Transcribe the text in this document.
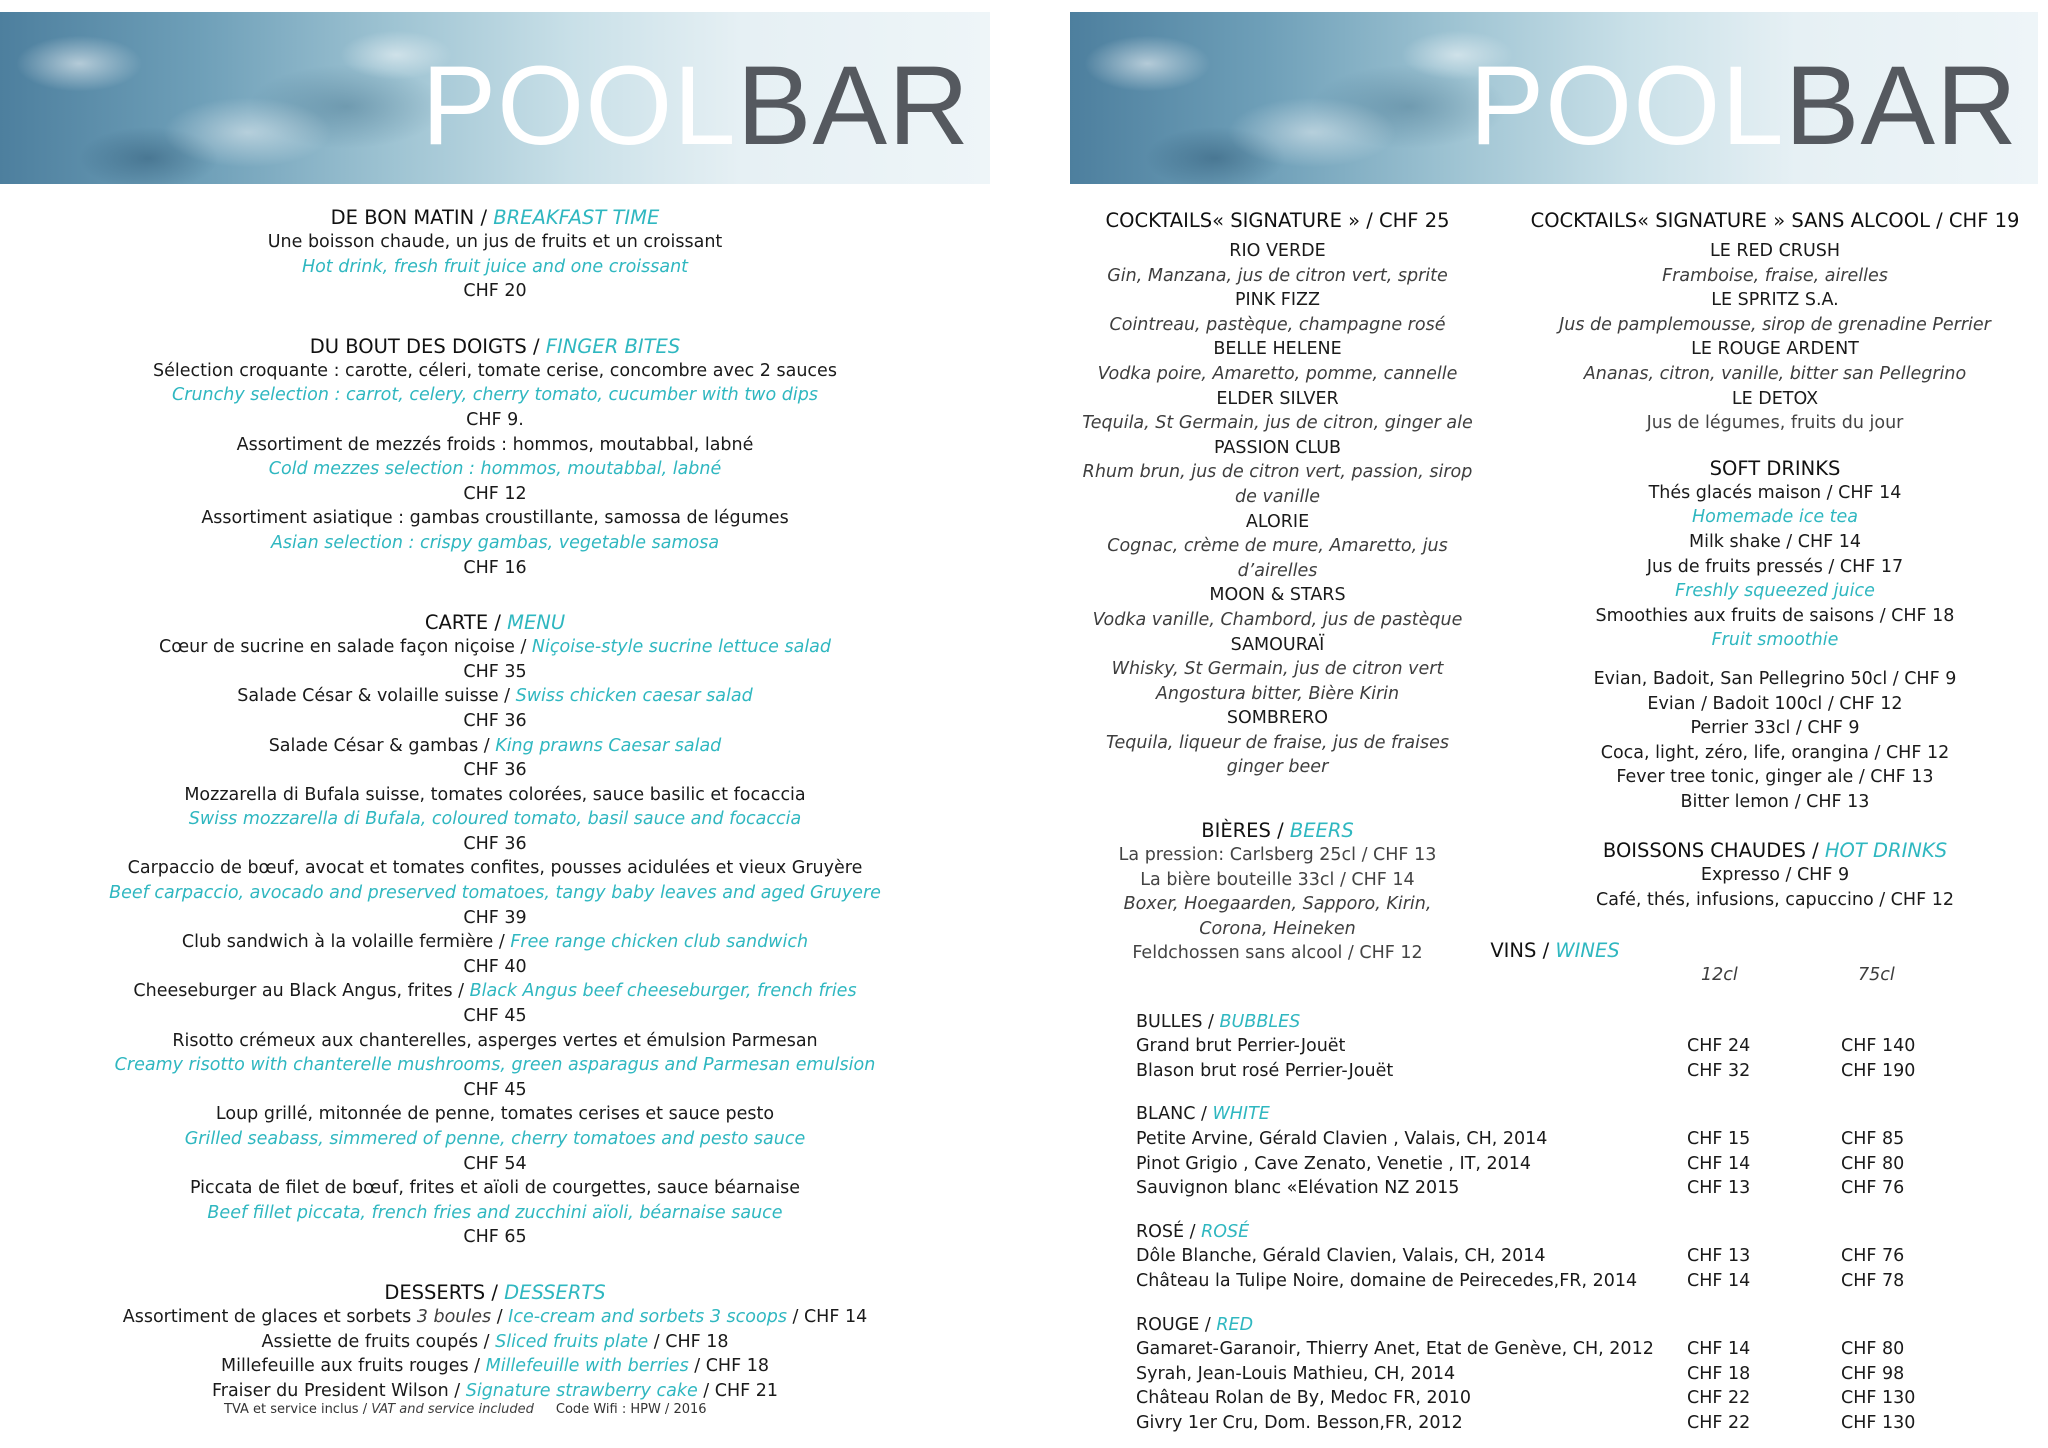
POOLBAR
DE BON MATIN / BREAKFAST TIME
Une boisson chaude, un jus de fruits et un croissant
Hot drink, fresh fruit juice and one croissant
CHF 20
DU BOUT DES DOIGTS / FINGER BITES
Sélection croquante : carotte, céleri, tomate cerise, concombre avec 2 sauces
Crunchy selection : carrot, celery, cherry tomato, cucumber with two dips
CHF 9.
Assortiment de mezzés froids : hommos, moutabbal, labné
Cold mezzes selection : hommos, moutabbal, labné
CHF 12
Assortiment asiatique : gambas croustillante, samossa de légumes
Asian selection : crispy gambas, vegetable samosa
CHF 16
CARTE / MENU
Cœur de sucrine en salade façon niçoise / Niçoise-style sucrine lettuce salad
CHF 35
Salade César & volaille suisse / Swiss chicken caesar salad
CHF 36
Salade César & gambas / King prawns Caesar salad
CHF 36
Mozzarella di Bufala suisse, tomates colorées, sauce basilic et focaccia
Swiss mozzarella di Bufala, coloured tomato, basil sauce and focaccia
CHF 36
Carpaccio de bœuf, avocat et tomates confites, pousses acidulées et vieux Gruyère
Beef carpaccio, avocado and preserved tomatoes, tangy baby leaves and aged Gruyere
CHF 39
Club sandwich à la volaille fermière / Free range chicken club sandwich
CHF 40
Cheeseburger au Black Angus, frites / Black Angus beef cheeseburger, french fries
CHF 45
Risotto crémeux aux chanterelles, asperges vertes et émulsion Parmesan
Creamy risotto with chanterelle mushrooms, green asparagus and Parmesan emulsion
CHF 45
Loup grillé, mitonnée de penne, tomates cerises et sauce pesto
Grilled seabass, simmered of penne, cherry tomatoes and pesto sauce
CHF 54
Piccata de filet de bœuf, frites et aïoli de courgettes, sauce béarnaise
Beef fillet piccata, french fries and zucchini aïoli, béarnaise sauce
CHF 65
DESSERTS / DESSERTS
Assortiment de glaces et sorbets 3 boules / Ice-cream and sorbets 3 scoops / CHF 14
Assiette de fruits coupés / Sliced fruits plate / CHF 18
Millefeuille aux fruits rouges / Millefeuille with berries / CHF 18
Fraiser du President Wilson / Signature strawberry cake / CHF 21
TVA et service inclus / VAT and service included Code Wifi : HPW / 2016
POOLBAR
COCKTAILS« SIGNATURE » / CHF 25
RIO VERDE
Gin, Manzana, jus de citron vert, sprite
PINK FIZZ
Cointreau, pastèque, champagne rosé
BELLE HELENE
Vodka poire, Amaretto, pomme, cannelle
ELDER SILVER
Tequila, St Germain, jus de citron, ginger ale
PASSION CLUB
Rhum brun, jus de citron vert, passion, sirop de vanille
ALORIE
Cognac, crème de mure, Amaretto, jus d’airelles
MOON & STARS
Vodka vanille, Chambord, jus de pastèque
SAMOURAÏ
Whisky, St Germain, jus de citron vert
Angostura bitter, Bière Kirin
SOMBRERO
Tequila, liqueur de fraise, jus de fraises
ginger beer
BIÈRES / BEERS
La pression: Carlsberg 25cl / CHF 13
La bière bouteille 33cl / CHF 14
Boxer, Hoegaarden, Sapporo, Kirin,
Corona, Heineken
Feldchossen sans alcool / CHF 12
COCKTAILS« SIGNATURE » SANS ALCOOL / CHF 19
LE RED CRUSH
Framboise, fraise, airelles
LE SPRITZ S.A.
Jus de pamplemousse, sirop de grenadine Perrier
LE ROUGE ARDENT
Ananas, citron, vanille, bitter san Pellegrino
LE DETOX
Jus de légumes, fruits du jour
SOFT DRINKS
Thés glacés maison / CHF 14
Homemade ice tea
Milk shake / CHF 14
Jus de fruits pressés / CHF 17
Freshly squeezed juice
Smoothies aux fruits de saisons / CHF 18
Fruit smoothie
Evian, Badoit, San Pellegrino 50cl / CHF 9
Evian / Badoit 100cl / CHF 12
Perrier 33cl / CHF 9
Coca, light, zéro, life, orangina / CHF 12
Fever tree tonic, ginger ale / CHF 13
Bitter lemon / CHF 13
BOISSONS CHAUDES / HOT DRINKS
Expresso / CHF 9
Café, thés, infusions, capuccino / CHF 12
VINS / WINES
12cl	75cl
BULLES / BUBBLES
Grand brut Perrier-Jouët	CHF 24	CHF 140
Blason brut rosé Perrier-Jouët	CHF 32	CHF 190
BLANC / WHITE
Petite Arvine, Gérald Clavien , Valais, CH, 2014	CHF 15	CHF 85
Pinot Grigio , Cave Zenato, Venetie , IT, 2014	CHF 14	CHF 80
Sauvignon blanc «Elévation NZ 2015	CHF 13	CHF 76
ROSÉ / ROSÉ
Dôle Blanche, Gérald Clavien, Valais, CH, 2014	CHF 13	CHF 76
Château la Tulipe Noire, domaine de Peirecedes,FR, 2014	CHF 14	CHF 78
ROUGE / RED
Gamaret-Garanoir, Thierry Anet, Etat de Genève, CH, 2012 CHF 14	CHF 80
Syrah, Jean-Louis Mathieu, CH, 2014	CHF 18	CHF 98
Château Rolan de By, Medoc FR, 2010	CHF 22	CHF 130
Givry 1er Cru, Dom. Besson,FR, 2012	CHF 22	CHF 130
